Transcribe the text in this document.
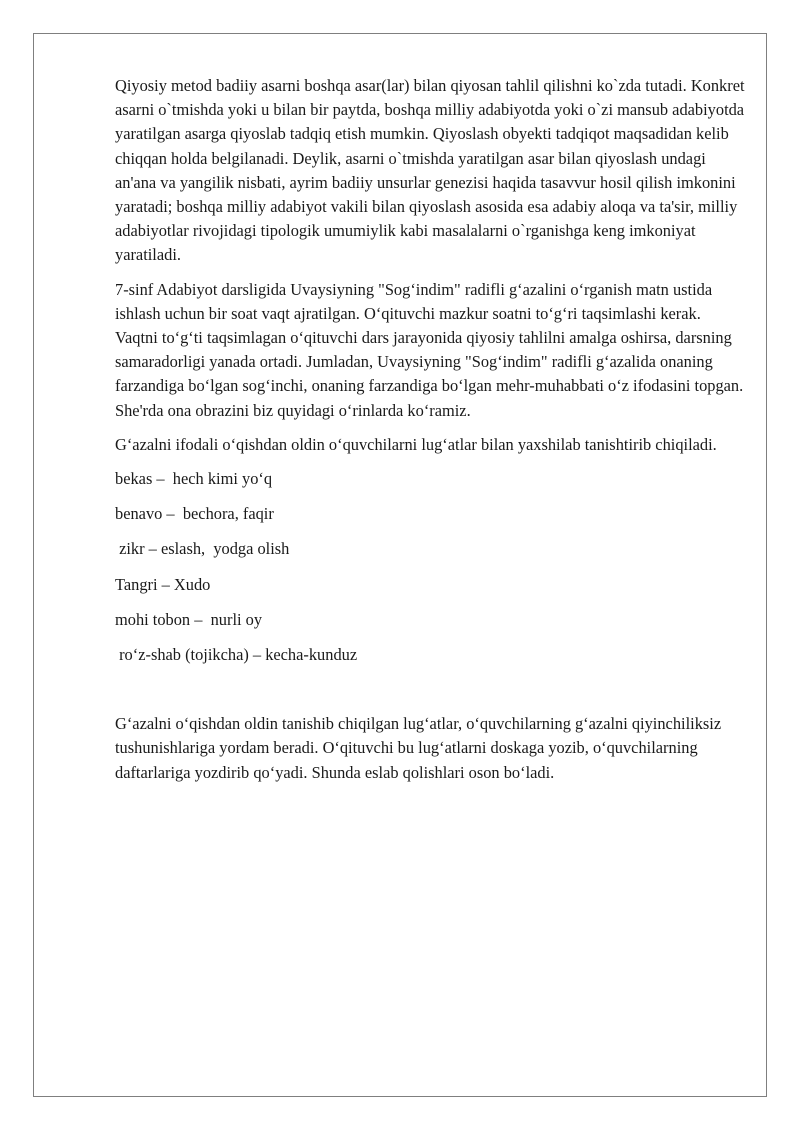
Qiyosiy metod badiiy asarni boshqa asar(lar) bilan qiyosan tahlil qilishni ko`zda tutadi. Konkret asarni o`tmishda yoki u bilan bir paytda, boshqa milliy adabiyotda yoki o`zi mansub adabiyotda yaratilgan asarga qiyoslab tadqiq etish mumkin. Qiyoslash obyekti tadqiqot maqsadidan kelib chiqqan holda belgilanadi. Deylik, asarni o`tmishda yaratilgan asar bilan qiyoslash undagi an'ana va yangilik nisbati, ayrim badiiy unsurlar genezisi haqida tasavvur hosil qilish imkonini yaratadi; boshqa milliy adabiyot vakili bilan qiyoslash asosida esa adabiy aloqa va ta'sir, milliy adabiyotlar rivojidagi tipologik umumiylik kabi masalalarni o`rganishga keng imkoniyat yaratiladi.

7-sinf Adabiyot darsligida Uvaysiyning "Sog‘indim" radifli g‘azalini o‘rganish matn ustida ishlash uchun bir soat vaqt ajratilgan. O‘qituvchi mazkur soatni to‘g‘ri taqsimlashi kerak. Vaqtni to‘g‘ti taqsimlagan o‘qituvchi dars jarayonida qiyosiy tahlilni amalga oshirsa, darsning samaradorligi yanada ortadi. Jumladan, Uvaysiyning "Sog‘indim" radifli g‘azalida onaning farzandiga bo‘lgan sog‘inchi, onaning farzandiga bo‘lgan mehr-muhabbati o‘z ifodasini topgan. She'rda ona obrazini biz quyidagi o‘rinlarda ko‘ramiz.

G‘azalni ifodali o‘qishdan oldin o‘quvchilarni lug‘atlar bilan yaxshilab tanishtirib chiqiladi.

bekas –  hech kimi yo‘q

benavo –  bechora, faqir

zikr – eslash,  yodga olish

Tangri – Xudo

mohi tobon –  nurli oy

ro‘z-shab (tojikcha) – kecha-kunduz

G‘azalni o‘qishdan oldin tanishib chiqilgan lug‘atlar, o‘quvchilarning g‘azalni qiyinchiliksiz tushunishlariga yordam beradi. O‘qituvchi bu lug‘atlarni doskaga yozib, o‘quvchilarning daftarlariga yozdirib qo‘yadi. Shunda eslab qolishlari oson bo‘ladi.
